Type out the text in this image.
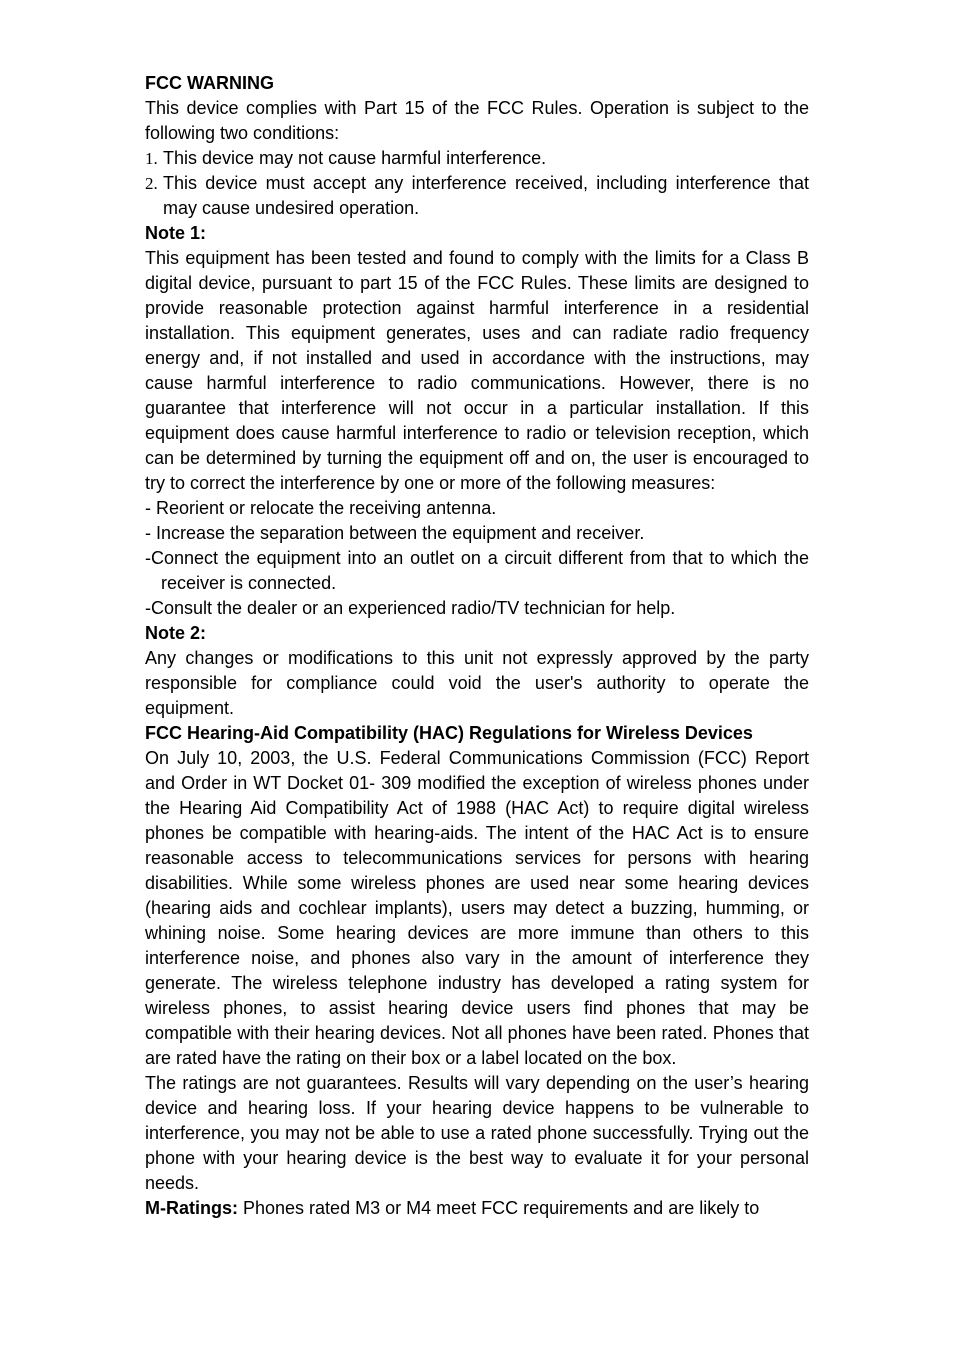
FCC WARNING

This device complies with Part 15 of the FCC Rules. Operation is subject to the following two conditions:

1. This device may not cause harmful interference.
2. This device must accept any interference received, including interference that may cause undesired operation.

Note 1:

This equipment has been tested and found to comply with the limits for a Class B digital device, pursuant to part 15 of the FCC Rules. These limits are designed to provide reasonable protection against harmful interference in a residential installation. This equipment generates, uses and can radiate radio frequency energy and, if not installed and used in accordance with the instructions, may cause harmful interference to radio communications. However, there is no guarantee that interference will not occur in a particular installation. If this equipment does cause harmful interference to radio or television reception, which can be determined by turning the equipment off and on, the user is encouraged to try to correct the interference by one or more of the following measures:

- Reorient or relocate the receiving antenna.

- Increase the separation between the equipment and receiver.

-Connect the equipment into an outlet on a circuit different from that to which the receiver is connected.

-Consult the dealer or an experienced radio/TV technician for help.

Note 2:

Any changes or modifications to this unit not expressly approved by the party responsible for compliance could void the user's authority to operate the equipment.

FCC Hearing-Aid Compatibility (HAC) Regulations for Wireless Devices

On July 10, 2003, the U.S. Federal Communications Commission (FCC) Report and Order in WT Docket 01- 309 modified the exception of wireless phones under the Hearing Aid Compatibility Act of 1988 (HAC Act) to require digital wireless phones be compatible with hearing-aids. The intent of the HAC Act is to ensure reasonable access to telecommunications services for persons with hearing disabilities. While some wireless phones are used near some hearing devices (hearing aids and cochlear implants), users may detect a buzzing, humming, or whining noise. Some hearing devices are more immune than others to this interference noise, and phones also vary in the amount of interference they generate. The wireless telephone industry has developed a rating system for wireless phones, to assist hearing device users find phones that may be compatible with their hearing devices. Not all phones have been rated. Phones that are rated have the rating on their box or a label located on the box.

The ratings are not guarantees. Results will vary depending on the user’s hearing device and hearing loss. If your hearing device happens to be vulnerable to interference, you may not be able to use a rated phone successfully. Trying out the phone with your hearing device is the best way to evaluate it for your personal needs.

M-Ratings: Phones rated M3 or M4 meet FCC requirements and are likely to
